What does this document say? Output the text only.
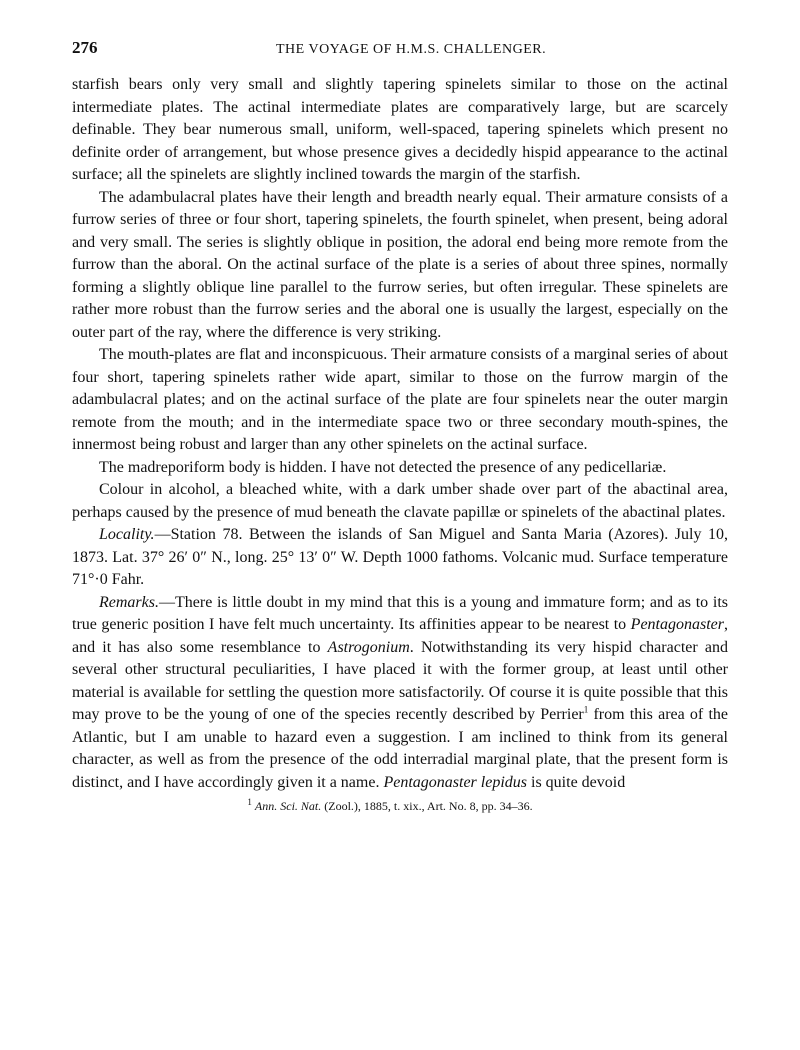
276	THE VOYAGE OF H.M.S. CHALLENGER.

starfish bears only very small and slightly tapering spinelets similar to those on the actinal intermediate plates. The actinal intermediate plates are comparatively large, but are scarcely definable. They bear numerous small, uniform, well-spaced, tapering spinelets which present no definite order of arrangement, but whose presence gives a decidedly hispid appearance to the actinal surface; all the spinelets are slightly inclined towards the margin of the starfish.

The adambulacral plates have their length and breadth nearly equal. Their armature consists of a furrow series of three or four short, tapering spinelets, the fourth spinelet, when present, being adoral and very small. The series is slightly oblique in position, the adoral end being more remote from the furrow than the aboral. On the actinal surface of the plate is a series of about three spines, normally forming a slightly oblique line parallel to the furrow series, but often irregular. These spinelets are rather more robust than the furrow series and the aboral one is usually the largest, especially on the outer part of the ray, where the difference is very striking.

The mouth-plates are flat and inconspicuous. Their armature consists of a marginal series of about four short, tapering spinelets rather wide apart, similar to those on the furrow margin of the adambulacral plates; and on the actinal surface of the plate are four spinelets near the outer margin remote from the mouth; and in the intermediate space two or three secondary mouth-spines, the innermost being robust and larger than any other spinelets on the actinal surface.

The madreporiform body is hidden. I have not detected the presence of any pedicellariæ.

Colour in alcohol, a bleached white, with a dark umber shade over part of the abactinal area, perhaps caused by the presence of mud beneath the clavate papillæ or spinelets of the abactinal plates.

Locality.—Station 78. Between the islands of San Miguel and Santa Maria (Azores). July 10, 1873. Lat. 37° 26′ 0″ N., long. 25° 13′ 0″ W. Depth 1000 fathoms. Volcanic mud. Surface temperature 71°·0 Fahr.

Remarks.—There is little doubt in my mind that this is a young and immature form; and as to its true generic position I have felt much uncertainty. Its affinities appear to be nearest to Pentagonaster, and it has also some resemblance to Astrogonium. Notwithstanding its very hispid character and several other structural peculiarities, I have placed it with the former group, at least until other material is available for settling the question more satisfactorily. Of course it is quite possible that this may prove to be the young of one of the species recently described by Perrier$^1$ from this area of the Atlantic, but I am unable to hazard even a suggestion. I am inclined to think from its general character, as well as from the presence of the odd interradial marginal plate, that the present form is distinct, and I have accordingly given it a name. Pentagonaster lepidus is quite devoid

$^1$ Ann. Sci. Nat. (Zool.), 1885, t. xix., Art. No. 8, pp. 34–36.
